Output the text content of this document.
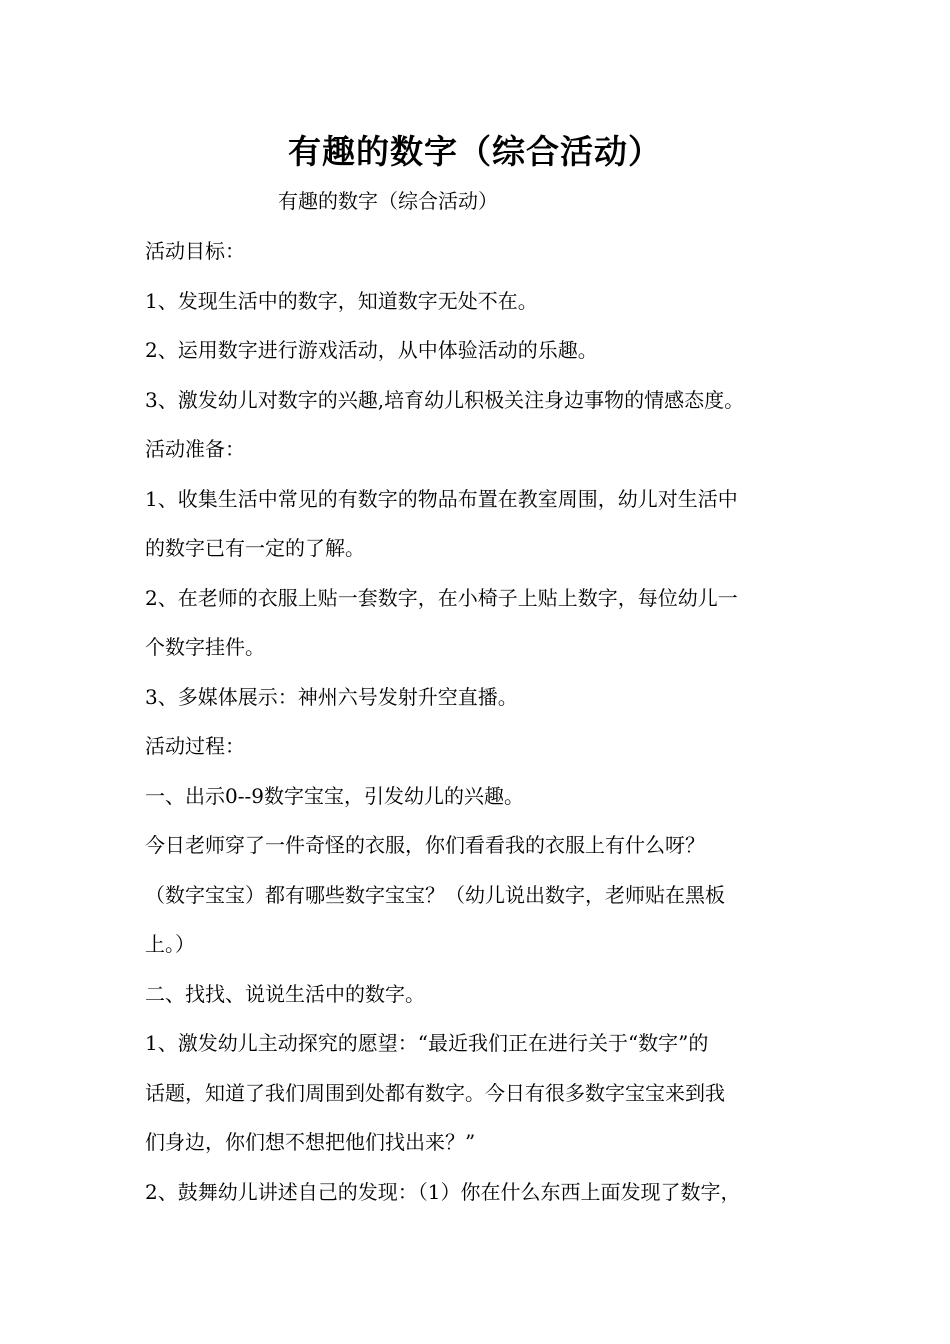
有趣的数字（综合活动）
有趣的数字（综合活动）
活动目标：
1、发现生活中的数字，知道数字无处不在。
2、运用数字进行游戏活动，从中体验活动的乐趣。
3、激发幼儿对数字的兴趣,培育幼儿积极关注身边事物的情感态度。
活动准备：
1、收集生活中常见的有数字的物品布置在教室周围，幼儿对生活中
的数字已有一定的了解。
2、在老师的衣服上贴一套数字，在小椅子上贴上数字，每位幼儿一
个数字挂件。
3、多媒体展示：神州六号发射升空直播。
活动过程：
一、出示0--9数字宝宝，引发幼儿的兴趣。
今日老师穿了一件奇怪的衣服，你们看看我的衣服上有什么呀？
（数字宝宝）都有哪些数字宝宝？（幼儿说出数字，老师贴在黑板
上。）
二、找找、说说生活中的数字。
1、激发幼儿主动探究的愿望：“最近我们正在进行关于“数字”的
话题，知道了我们周围到处都有数字。今日有很多数字宝宝来到我
们身边，你们想不想把他们找出来？”
2、鼓舞幼儿讲述自己的发现：（1）你在什么东西上面发现了数字，
